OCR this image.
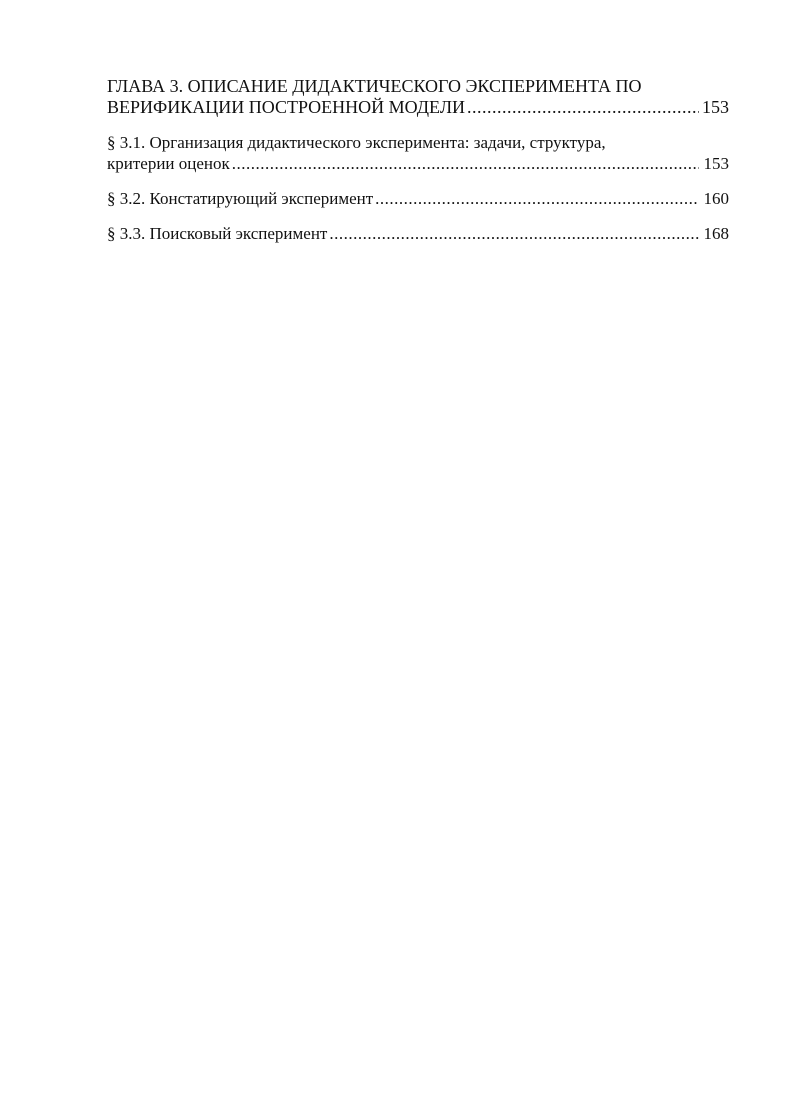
ГЛАВА 3. ОПИСАНИЕ ДИДАКТИЧЕСКОГО ЭКСПЕРИМЕНТА ПО
ВЕРИФИКАЦИИ ПОСТРОЕННОЙ МОДЕЛИ .....	153
§ 3.1. Организация дидактического эксперимента: задачи, структура,
критерии оценок .....	153
§ 3.2. Констатирующий эксперимент .....	160
§ 3.3. Поисковый эксперимент .....	168
